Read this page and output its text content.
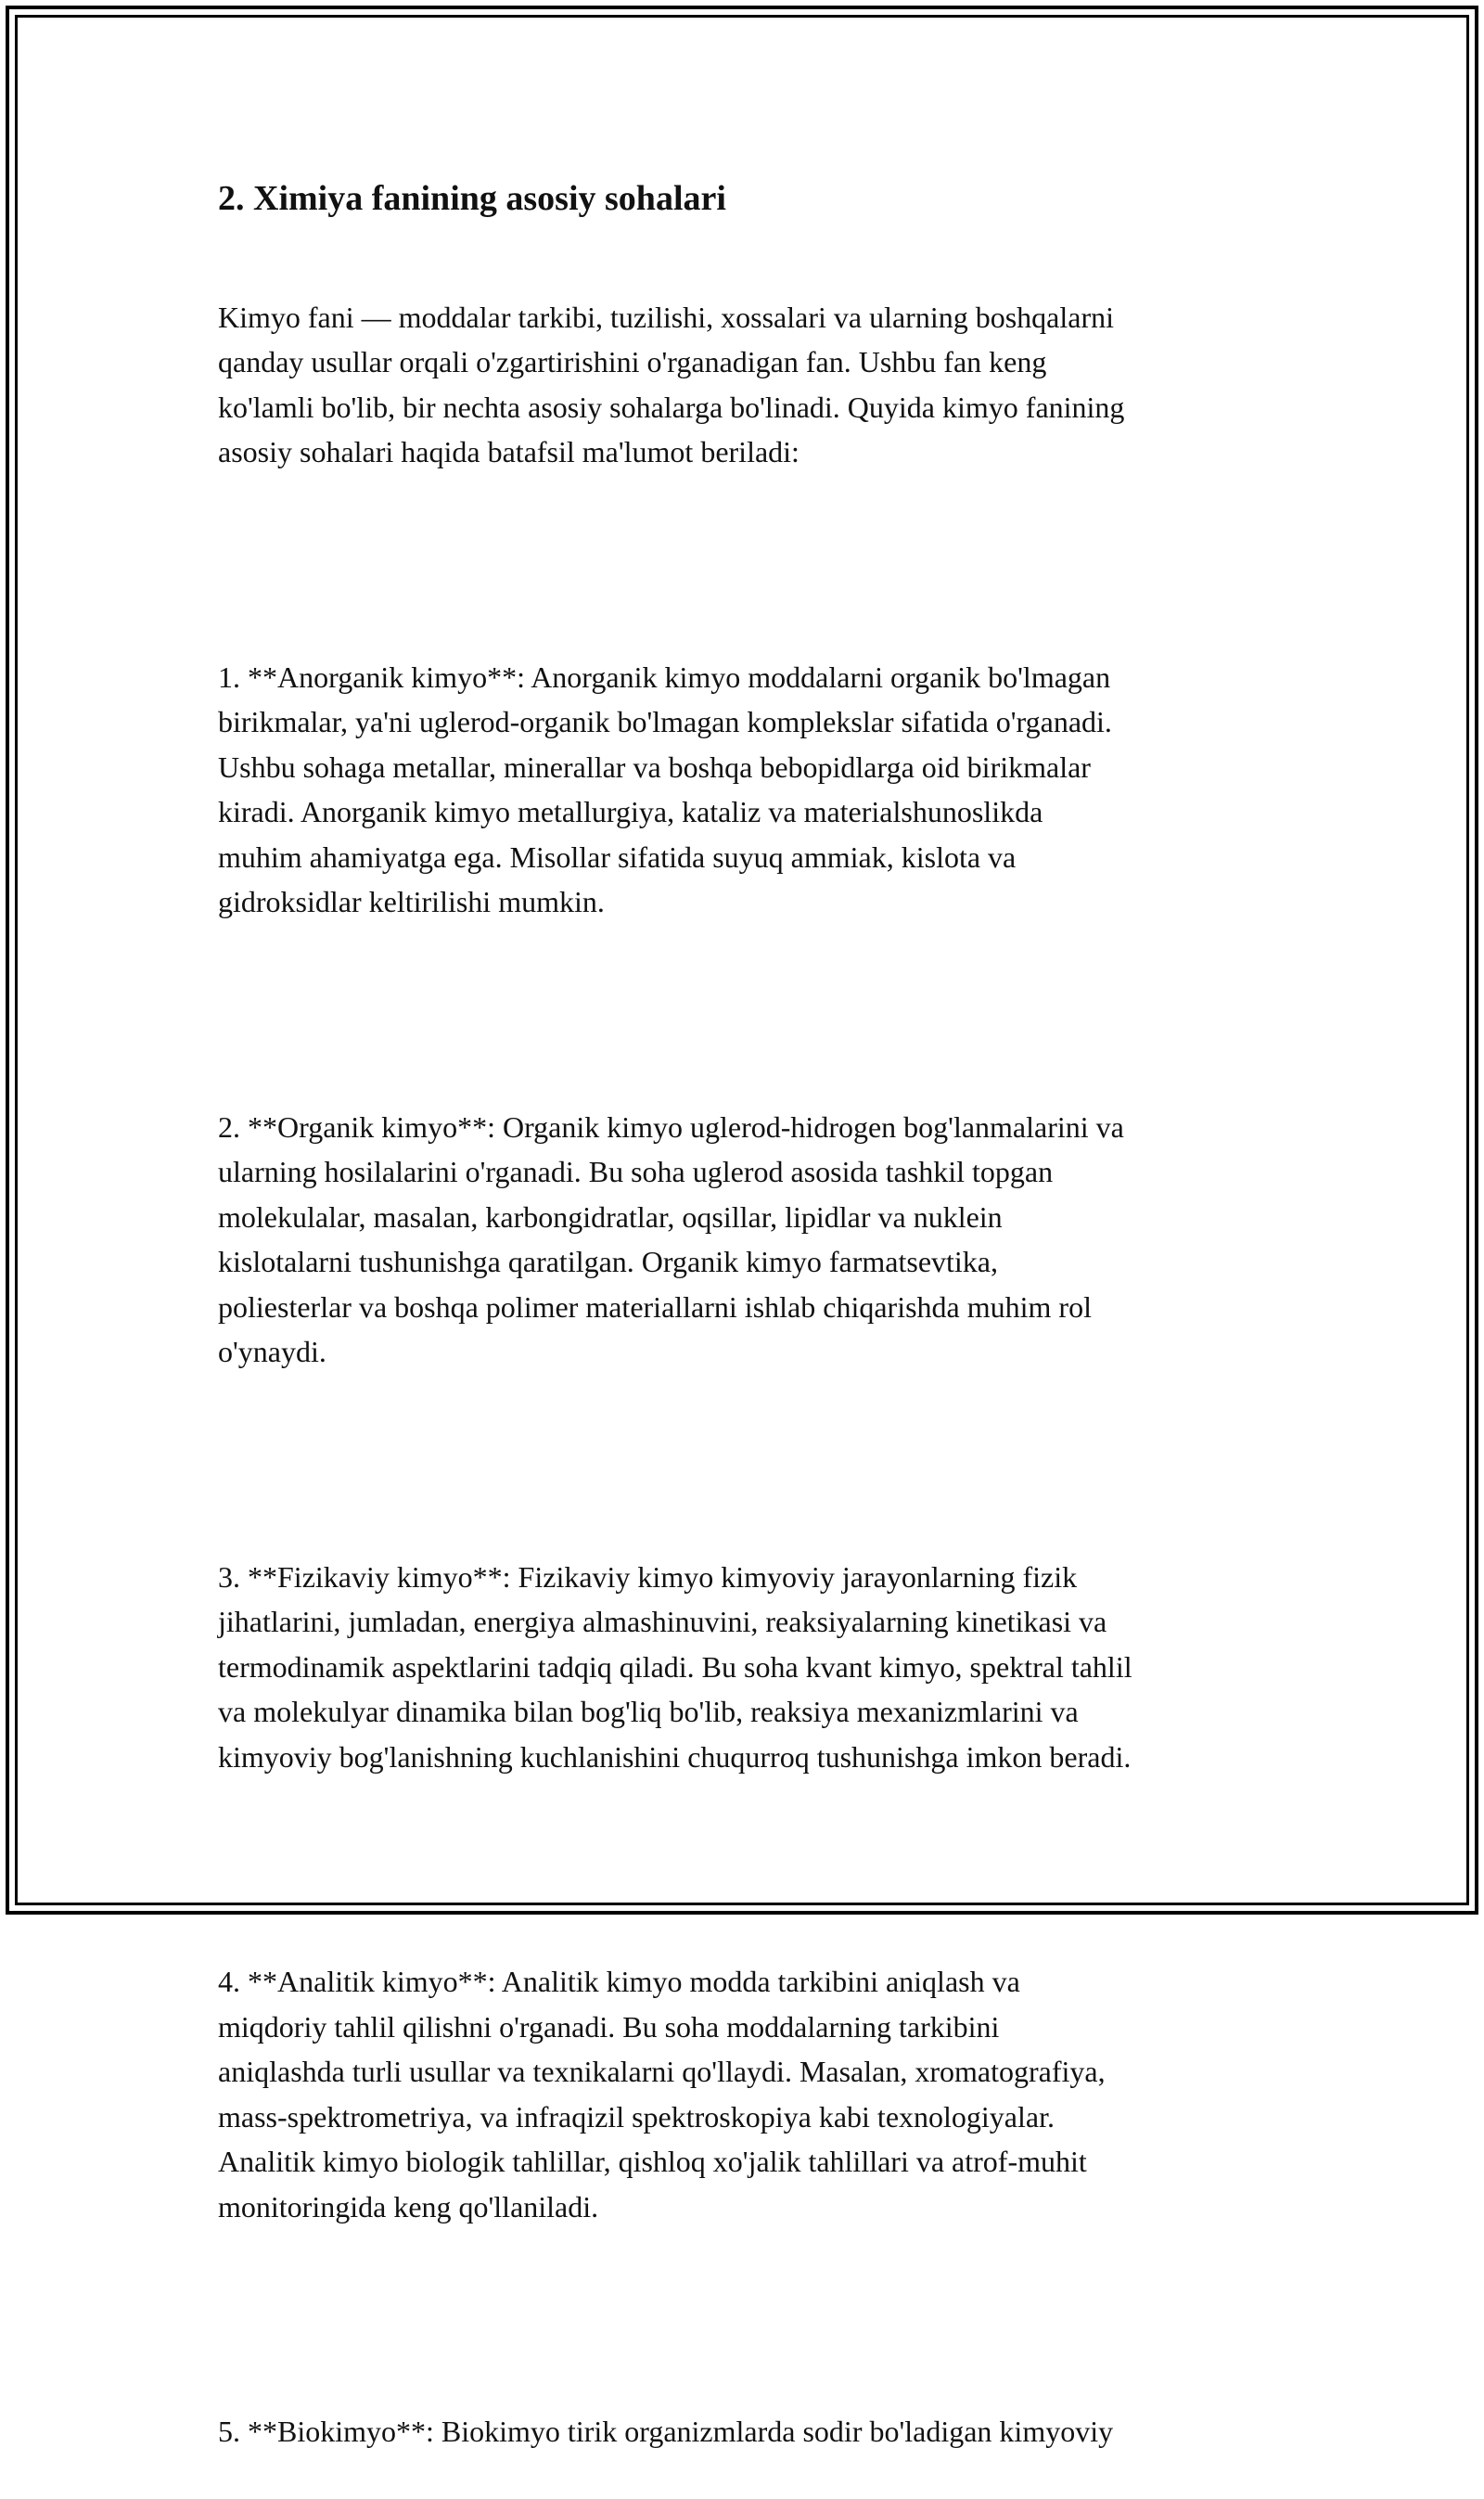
2. Ximiya fanining asosiy sohalari

Kimyo fani — moddalar tarkibi, tuzilishi, xossalari va ularning boshqalarni
qanday usullar orqali o'zgartirishini o'rganadigan fan. Ushbu fan keng
ko'lamli bo'lib, bir nechta asosiy sohalarga bo'linadi. Quyida kimyo fanining
asosiy sohalari haqida batafsil ma'lumot beriladi:

1. **Anorganik kimyo**: Anorganik kimyo moddalarni organik bo'lmagan
birikmalar, ya'ni uglerod-organik bo'lmagan komplekslar sifatida o'rganadi.
Ushbu sohaga metallar, minerallar va boshqa bebopidlarga oid birikmalar
kiradi. Anorganik kimyo metallurgiya, kataliz va materialshunoslikda
muhim ahamiyatga ega. Misollar sifatida suyuq ammiak, kislota va
gidroksidlar keltirilishi mumkin.

2. **Organik kimyo**: Organik kimyo uglerod-hidrogen bog'lanmalarini va
ularning hosilalarini o'rganadi. Bu soha uglerod asosida tashkil topgan
molekulalar, masalan, karbongidratlar, oqsillar, lipidlar va nuklein
kislotalarni tushunishga qaratilgan. Organik kimyo farmatsevtika,
poliesterlar va boshqa polimer materiallarni ishlab chiqarishda muhim rol
o'ynaydi.

3. **Fizikaviy kimyo**: Fizikaviy kimyo kimyoviy jarayonlarning fizik
jihatlarini, jumladan, energiya almashinuvini, reaksiyalarning kinetikasi va
termodinamik aspektlarini tadqiq qiladi. Bu soha kvant kimyo, spektral tahlil
va molekulyar dinamika bilan bog'liq bo'lib, reaksiya mexanizmlarini va
kimyoviy bog'lanishning kuchlanishini chuqurroq tushunishga imkon beradi.

4. **Analitik kimyo**: Analitik kimyo modda tarkibini aniqlash va
miqdoriy tahlil qilishni o'rganadi. Bu soha moddalarning tarkibini
aniqlashda turli usullar va texnikalarni qo'llaydi. Masalan, xromatografiya,
mass-spektrometriya, va infraqizil spektroskopiya kabi texnologiyalar.
Analitik kimyo biologik tahlillar, qishloq xo'jalik tahlillari va atrof-muhit
monitoringida keng qo'llaniladi.

5. **Biokimyo**: Biokimyo tirik organizmlarda sodir bo'ladigan kimyoviy
